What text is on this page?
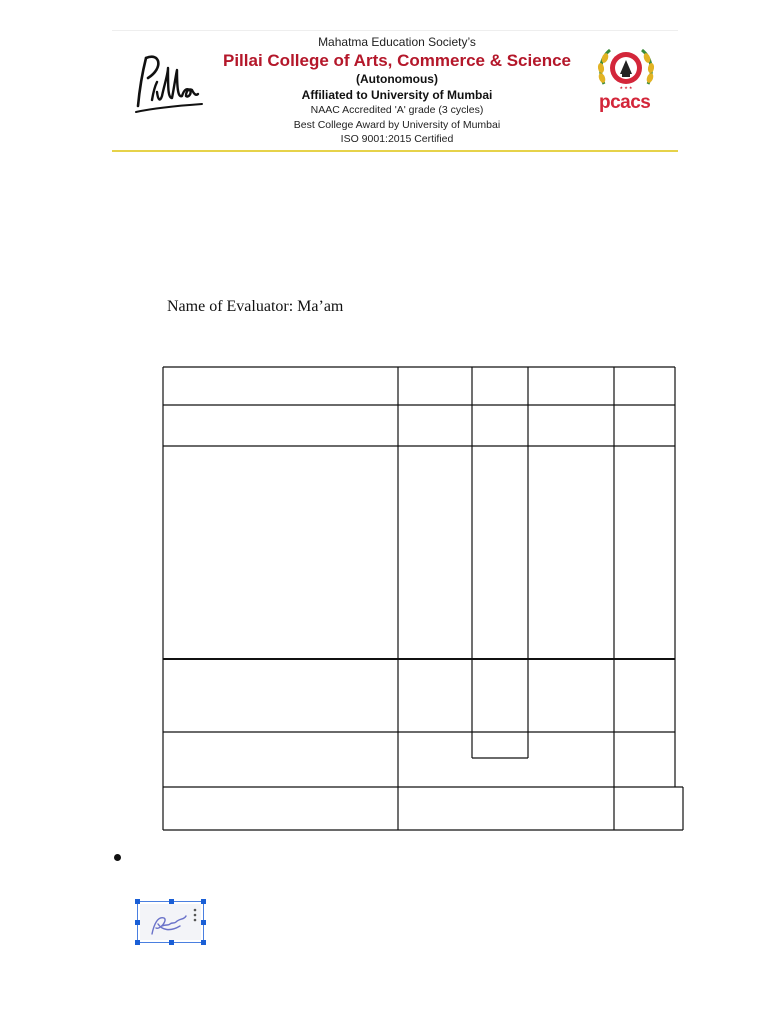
Mahatma Education Society’s
Pillai College of Arts, Commerce & Science
(Autonomous)
Affiliated to University of Mumbai
NAAC Accredited 'A' grade (3 cycles)
Best College Award by University of Mumbai
ISO 9001:2015 Certified
★ ★ ★
pcacs
Name of Evaluator: Ma’am
